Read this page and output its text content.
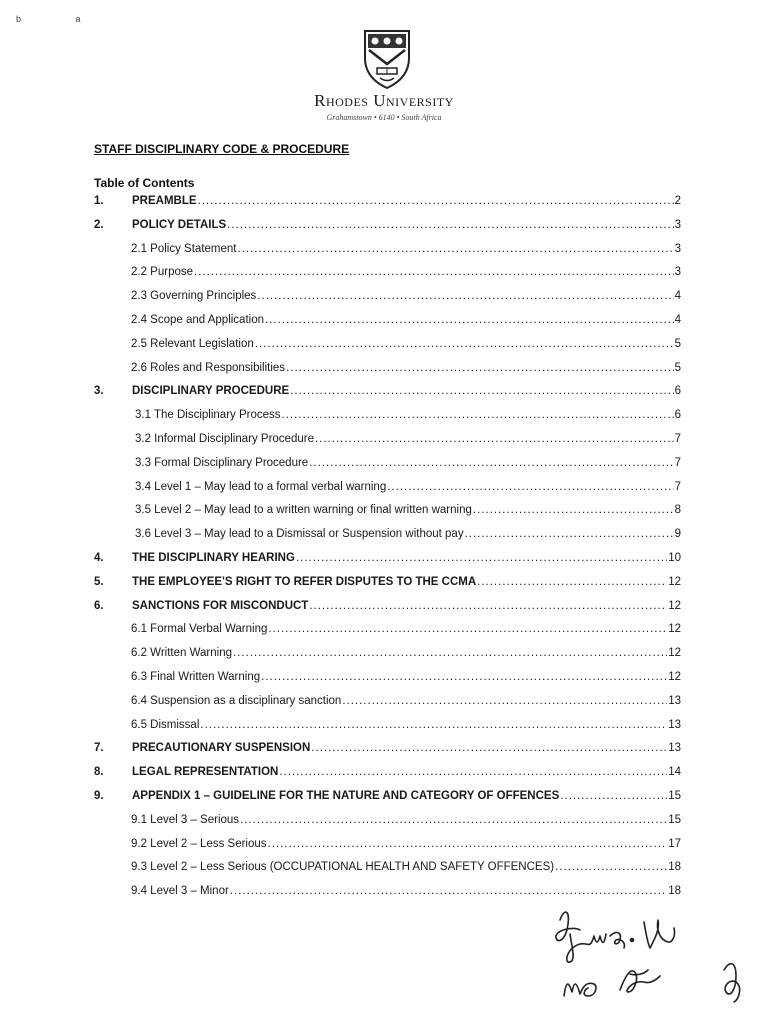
b a
Rhodes University
Grahamstown • 6140 • South Africa
STAFF DISCIPLINARY CODE & PROCEDURE
Table of Contents
1. PREAMBLE .....	2
2. POLICY DETAILS .....	3
2.1 Policy Statement .....	3
2.2 Purpose .....	3
2.3 Governing Principles .....	4
2.4 Scope and Application .....	4
2.5 Relevant Legislation .....	5
2.6 Roles and Responsibilities .....	5
3. DISCIPLINARY PROCEDURE .....	6
3.1 The Disciplinary Process .....	6
3.2 Informal Disciplinary Procedure .....	7
3.3 Formal Disciplinary Procedure .....	7
3.4 Level 1 – May lead to a formal verbal warning .....	7
3.5 Level 2 – May lead to a written warning or final written warning .....	8
3.6 Level 3 – May lead to a Dismissal or Suspension without pay .....	9
4. THE DISCIPLINARY HEARING .....	10
5. THE EMPLOYEE'S RIGHT TO REFER DISPUTES TO THE CCMA .....	12
6. SANCTIONS FOR MISCONDUCT .....	12
6.1 Formal Verbal Warning .....	12
6.2 Written Warning .....	12
6.3 Final Written Warning .....	12
6.4 Suspension as a disciplinary sanction .....	13
6.5 Dismissal .....	13
7. PRECAUTIONARY SUSPENSION .....	13
8. LEGAL REPRESENTATION .....	14
9. APPENDIX 1 – GUIDELINE FOR THE NATURE AND CATEGORY OF OFFENCES .....	15
9.1 Level 3 – Serious .....	15
9.2 Level 2 – Less Serious .....	17
9.3 Level 2 – Less Serious (OCCUPATIONAL HEALTH AND SAFETY OFFENCES) .....	18
9.4 Level 3 – Minor .....	18
